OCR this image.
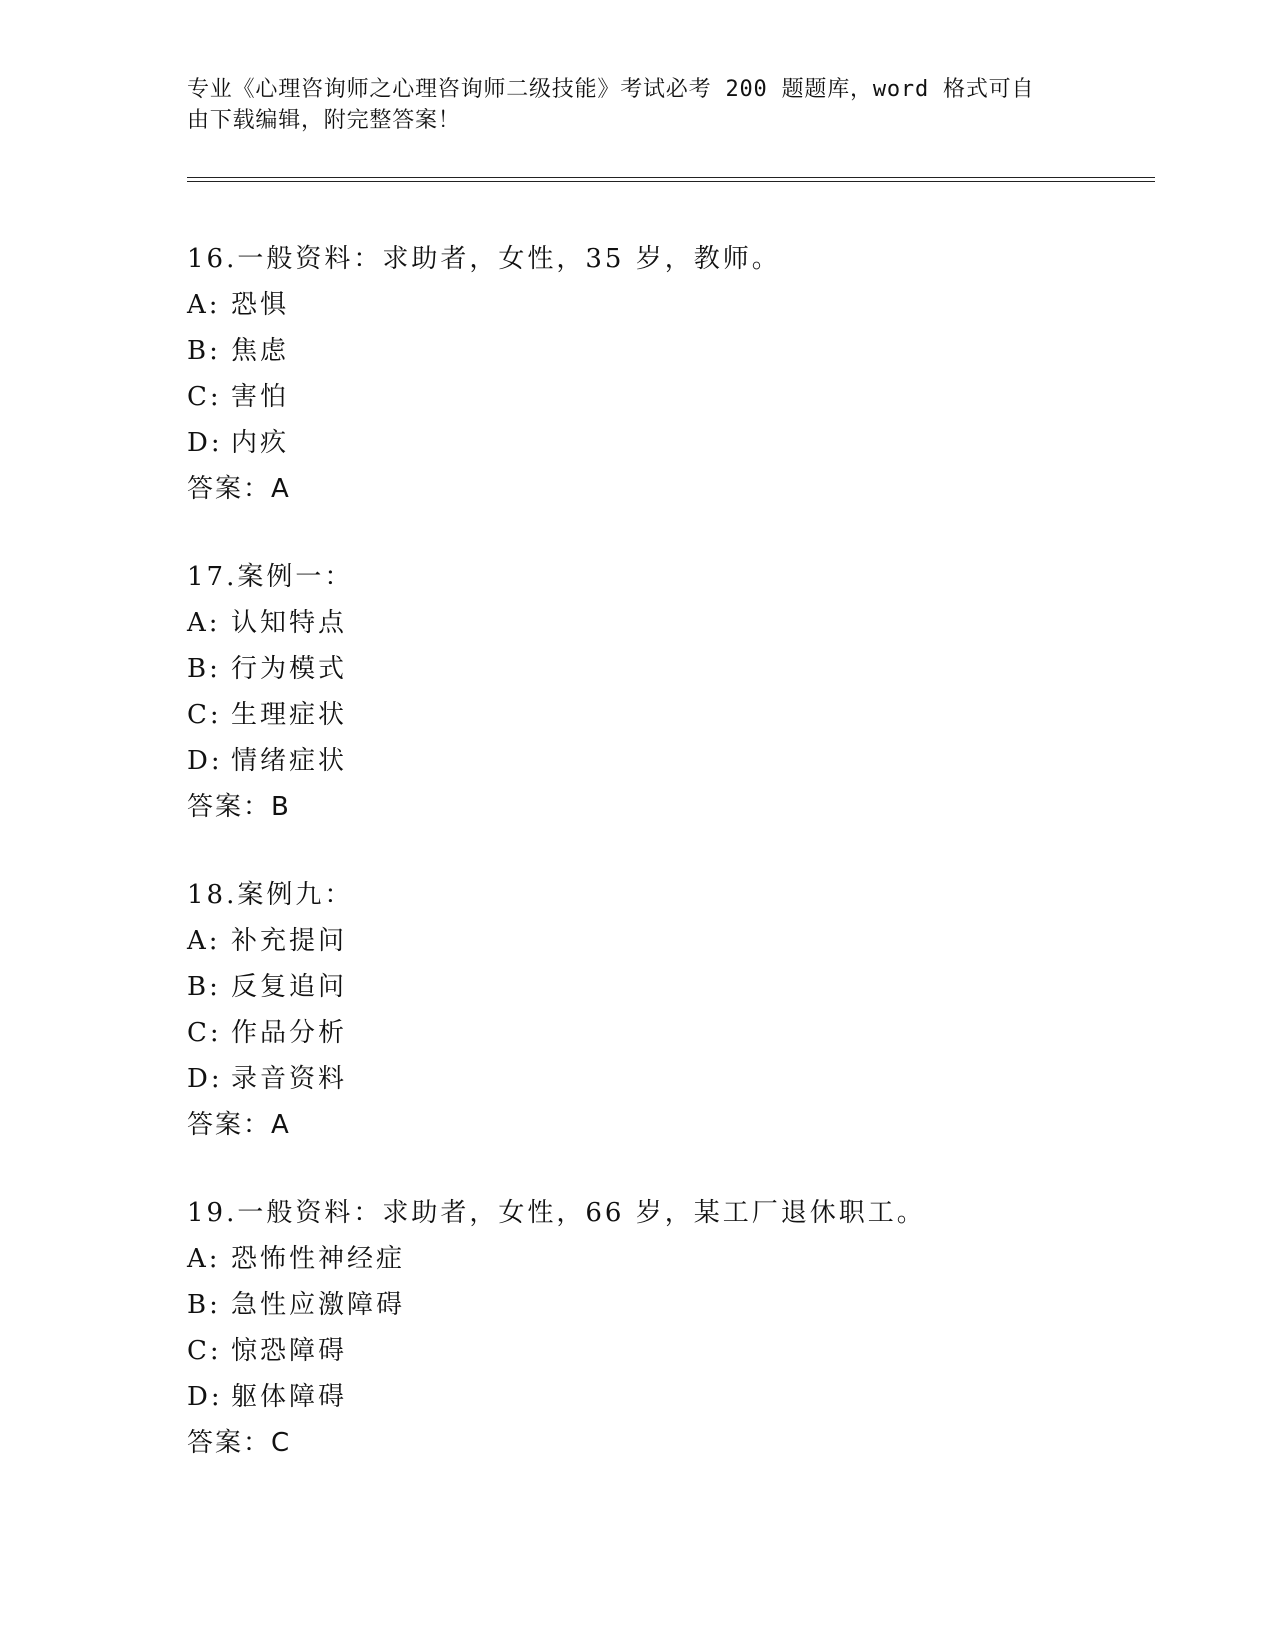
专业《心理咨询师之心理咨询师二级技能》考试必考 200 题题库，word 格式可自
由下载编辑，附完整答案！
16.一般资料：求助者，女性，35 岁，教师。
A: 恐惧
B: 焦虑
C: 害怕
D: 内疚
答案：A
17.案例一：
A: 认知特点
B: 行为模式
C: 生理症状
D: 情绪症状
答案：B
18.案例九：
A: 补充提问
B: 反复追问
C: 作品分析
D: 录音资料
答案：A
19.一般资料：求助者，女性，66 岁，某工厂退休职工。
A: 恐怖性神经症
B: 急性应激障碍
C: 惊恐障碍
D: 躯体障碍
答案：C
